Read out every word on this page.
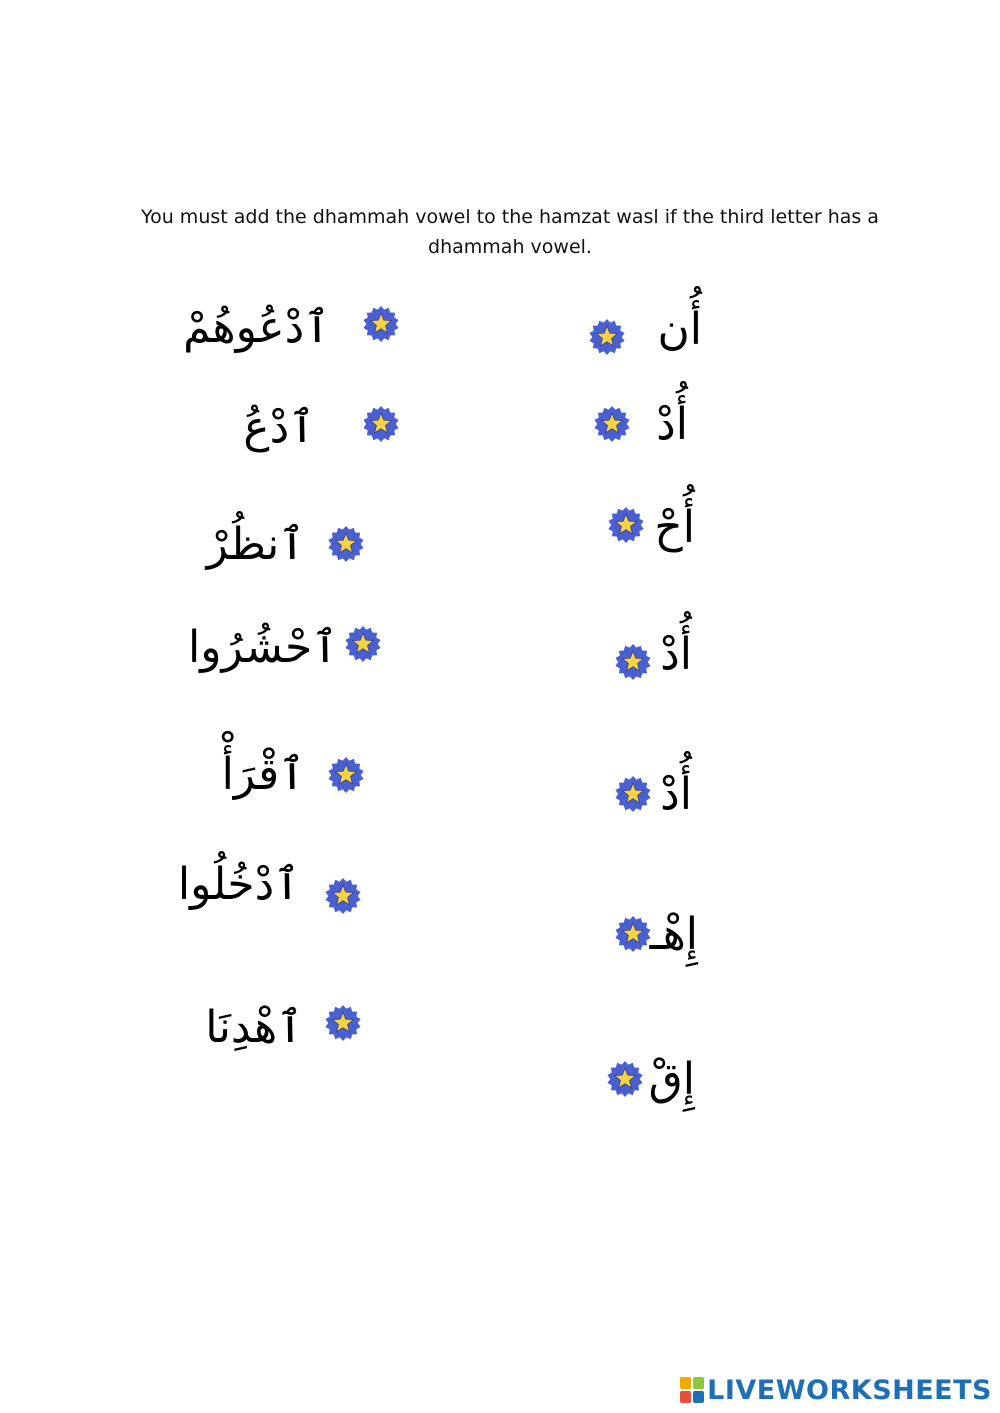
You must add the dhammah vowel to the hamzat wasl if the third letter has a dhammah vowel.
ٱدْعُوهُمْ
ٱدْعُ
ٱنظُرْ
ٱحْشُرُوا
ٱقْرَأْ
ٱدْخُلُوا
ٱهْدِنَا
أُن
أُدْ
أُحْ
أُدْ
أُدْ
إِهْـ
إِقْ
LIVEWORKSHEETS
